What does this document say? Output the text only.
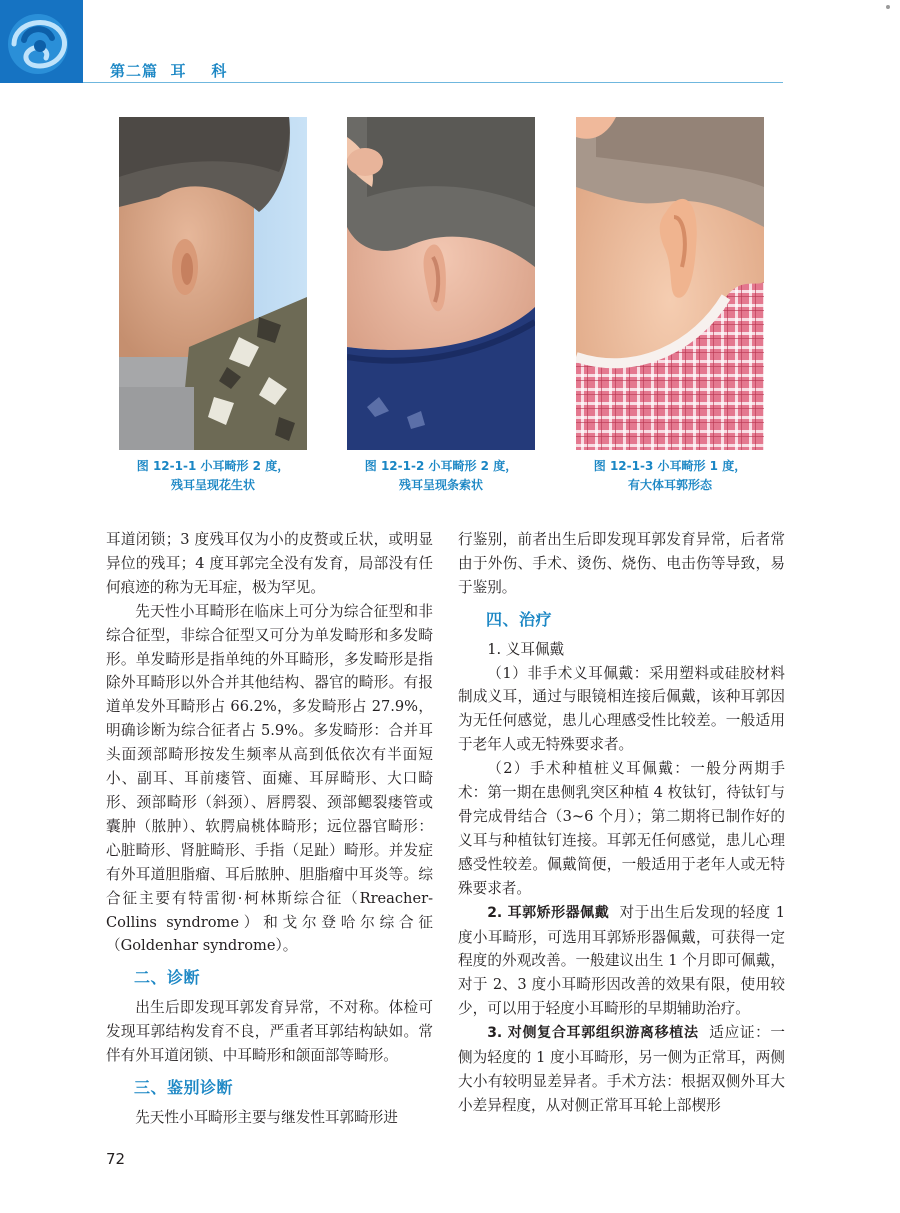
第二篇  耳    科
图 12-1-1 小耳畸形 2 度，
残耳呈现花生状
图 12-1-2 小耳畸形 2 度，
残耳呈现条索状
图 12-1-3 小耳畸形 1 度，
有大体耳郭形态

耳道闭锁；3 度残耳仅为小的皮赘或丘状，或明显异位的残耳；4 度耳郭完全没有发育，局部没有任何痕迹的称为无耳症，极为罕见。

先天性小耳畸形在临床上可分为综合征型和非综合征型，非综合征型又可分为单发畸形和多发畸形。单发畸形是指单纯的外耳畸形，多发畸形是指除外耳畸形以外合并其他结构、器官的畸形。有报道单发外耳畸形占 66.2%，多发畸形占 27.9%，明确诊断为综合征者占 5.9%。多发畸形：合并耳头面颈部畸形按发生频率从高到低依次有半面短小、副耳、耳前瘘管、面瘫、耳屏畸形、大口畸形、颈部畸形（斜颈）、唇腭裂、颈部鳃裂瘘管或囊肿（脓肿）、软腭扁桃体畸形；远位器官畸形：心脏畸形、肾脏畸形、手指（足趾）畸形。并发症有外耳道胆脂瘤、耳后脓肿、胆脂瘤中耳炎等。综合征主要有特雷彻·柯林斯综合征（Rreacher-Collins syndrome）和戈尔登哈尔综合征（Goldenhar syndrome）。

二、诊断

出生后即发现耳郭发育异常，不对称。体检可发现耳郭结构发育不良，严重者耳郭结构缺如。常伴有外耳道闭锁、中耳畸形和颌面部等畸形。

三、鉴别诊断

先天性小耳畸形主要与继发性耳郭畸形进

行鉴别，前者出生后即发现耳郭发育异常，后者常由于外伤、手术、烫伤、烧伤、电击伤等导致，易于鉴别。

四、治疗

1. 义耳佩戴

（1）非手术义耳佩戴：采用塑料或硅胶材料制成义耳，通过与眼镜相连接后佩戴，该种耳郭因为无任何感觉，患儿心理感受性比较差。一般适用于老年人或无特殊要求者。

（2）手术种植桩义耳佩戴：一般分两期手术：第一期在患侧乳突区种植 4 枚钛钉，待钛钉与骨完成骨结合（3~6 个月）；第二期将已制作好的义耳与种植钛钉连接。耳郭无任何感觉，患儿心理感受性较差。佩戴简便，一般适用于老年人或无特殊要求者。

2. 耳郭矫形器佩戴 对于出生后发现的轻度 1 度小耳畸形，可选用耳郭矫形器佩戴，可获得一定程度的外观改善。一般建议出生 1 个月即可佩戴，对于 2、3 度小耳畸形因改善的效果有限，使用较少，可以用于轻度小耳畸形的早期辅助治疗。

3. 对侧复合耳郭组织游离移植法 适应证：一侧为轻度的 1 度小耳畸形，另一侧为正常耳，两侧大小有较明显差异者。手术方法：根据双侧外耳大小差异程度，从对侧正常耳耳轮上部楔形

72
